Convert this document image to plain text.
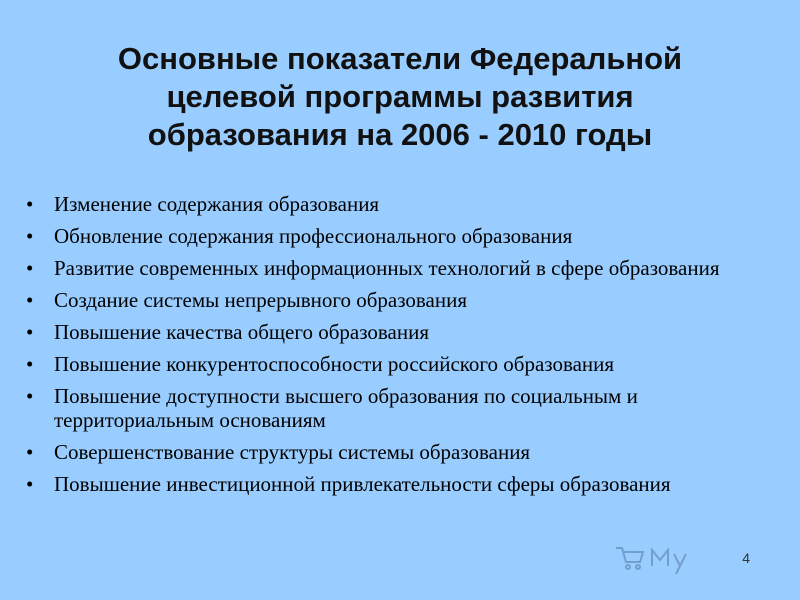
Основные показатели Федеральной
целевой программы развития
образования на 2006 - 2010 годы
• Изменение содержания образования
• Обновление содержания профессионального образования
• Развитие современных информационных технологий в сфере образования
• Создание системы непрерывного образования
• Повышение качества общего образования
• Повышение конкурентоспособности российского образования
• Повышение доступности высшего образования по социальным и территориальным основаниям
• Совершенствование структуры системы образования
• Повышение инвестиционной привлекательности сферы образования
4
